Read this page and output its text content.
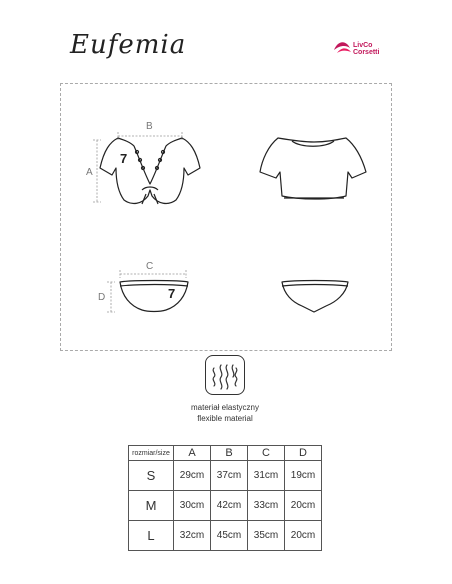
Eufemia	LivCo
Corsetti
7
B
A
7
C
D
materiał elastyczny
flexible material
rozmiar/size	A	B	C	D
S	29cm	37cm	31cm	19cm
M	30cm	42cm	33cm	20cm
L	32cm	45cm	35cm	20cm
